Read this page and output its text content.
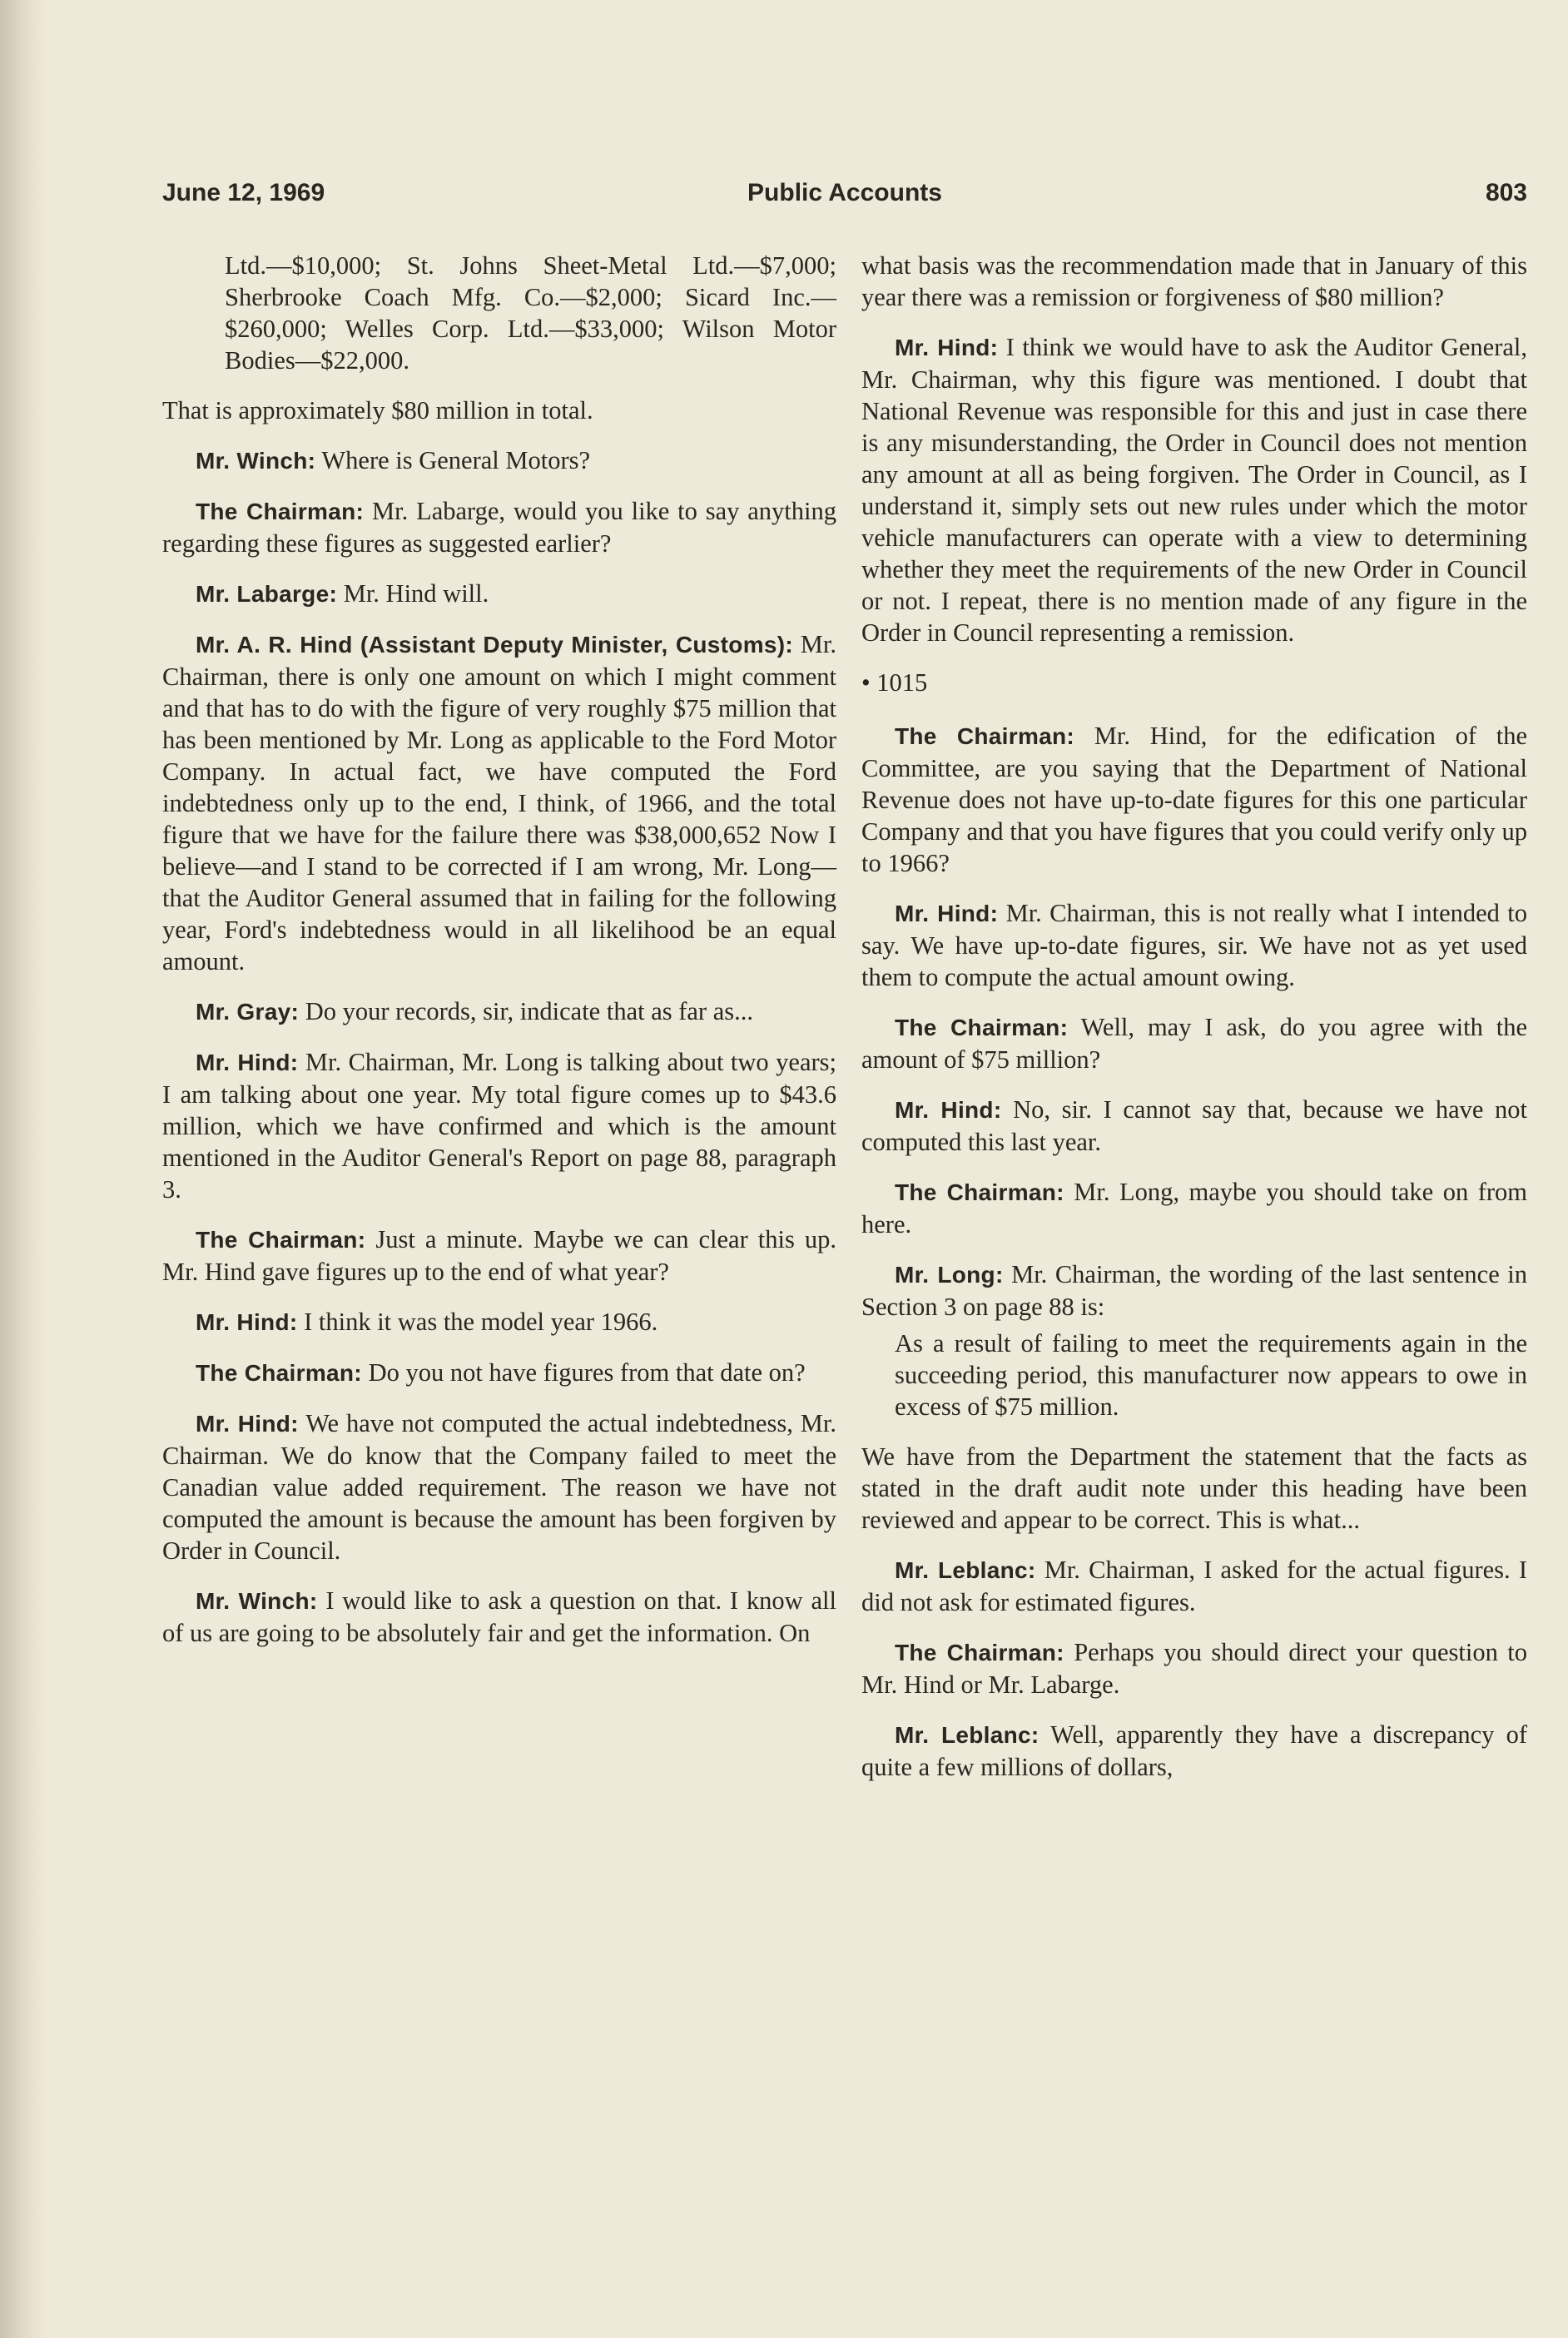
June 12, 1969	Public Accounts	803

Ltd.—$10,000; St. Johns Sheet-Metal Ltd.—$7,000; Sherbrooke Coach Mfg. Co.—$2,000; Sicard Inc.—$260,000; Welles Corp. Ltd.—$33,000; Wilson Motor Bodies—$22,000.

That is approximately $80 million in total.

Mr. Winch: Where is General Motors?

The Chairman: Mr. Labarge, would you like to say anything regarding these figures as suggested earlier?

Mr. Labarge: Mr. Hind will.

Mr. A. R. Hind (Assistant Deputy Minister, Customs): Mr. Chairman, there is only one amount on which I might comment and that has to do with the figure of very roughly $75 million that has been mentioned by Mr. Long as applicable to the Ford Motor Company. In actual fact, we have computed the Ford indebtedness only up to the end, I think, of 1966, and the total figure that we have for the failure there was $38,000,652 Now I believe—and I stand to be corrected if I am wrong, Mr. Long—that the Auditor General assumed that in failing for the following year, Ford's indebtedness would in all likelihood be an equal amount.

Mr. Gray: Do your records, sir, indicate that as far as...

Mr. Hind: Mr. Chairman, Mr. Long is talking about two years; I am talking about one year. My total figure comes up to $43.6 million, which we have confirmed and which is the amount mentioned in the Auditor General's Report on page 88, paragraph 3.

The Chairman: Just a minute. Maybe we can clear this up. Mr. Hind gave figures up to the end of what year?

Mr. Hind: I think it was the model year 1966.

The Chairman: Do you not have figures from that date on?

Mr. Hind: We have not computed the actual indebtedness, Mr. Chairman. We do know that the Company failed to meet the Canadian value added requirement. The reason we have not computed the amount is because the amount has been forgiven by Order in Council.

Mr. Winch: I would like to ask a question on that. I know all of us are going to be absolutely fair and get the information. On

what basis was the recommendation made that in January of this year there was a remission or forgiveness of $80 million?

Mr. Hind: I think we would have to ask the Auditor General, Mr. Chairman, why this figure was mentioned. I doubt that National Revenue was responsible for this and just in case there is any misunderstanding, the Order in Council does not mention any amount at all as being forgiven. The Order in Council, as I understand it, simply sets out new rules under which the motor vehicle manufacturers can operate with a view to determining whether they meet the requirements of the new Order in Council or not. I repeat, there is no mention made of any figure in the Order in Council representing a remission.

• 1015

The Chairman: Mr. Hind, for the edification of the Committee, are you saying that the Department of National Revenue does not have up-to-date figures for this one particular Company and that you have figures that you could verify only up to 1966?

Mr. Hind: Mr. Chairman, this is not really what I intended to say. We have up-to-date figures, sir. We have not as yet used them to compute the actual amount owing.

The Chairman: Well, may I ask, do you agree with the amount of $75 million?

Mr. Hind: No, sir. I cannot say that, because we have not computed this last year.

The Chairman: Mr. Long, maybe you should take on from here.

Mr. Long: Mr. Chairman, the wording of the last sentence in Section 3 on page 88 is:

As a result of failing to meet the requirements again in the succeeding period, this manufacturer now appears to owe in excess of $75 million.

We have from the Department the statement that the facts as stated in the draft audit note under this heading have been reviewed and appear to be correct. This is what...

Mr. Leblanc: Mr. Chairman, I asked for the actual figures. I did not ask for estimated figures.

The Chairman: Perhaps you should direct your question to Mr. Hind or Mr. Labarge.

Mr. Leblanc: Well, apparently they have a discrepancy of quite a few millions of dollars,
